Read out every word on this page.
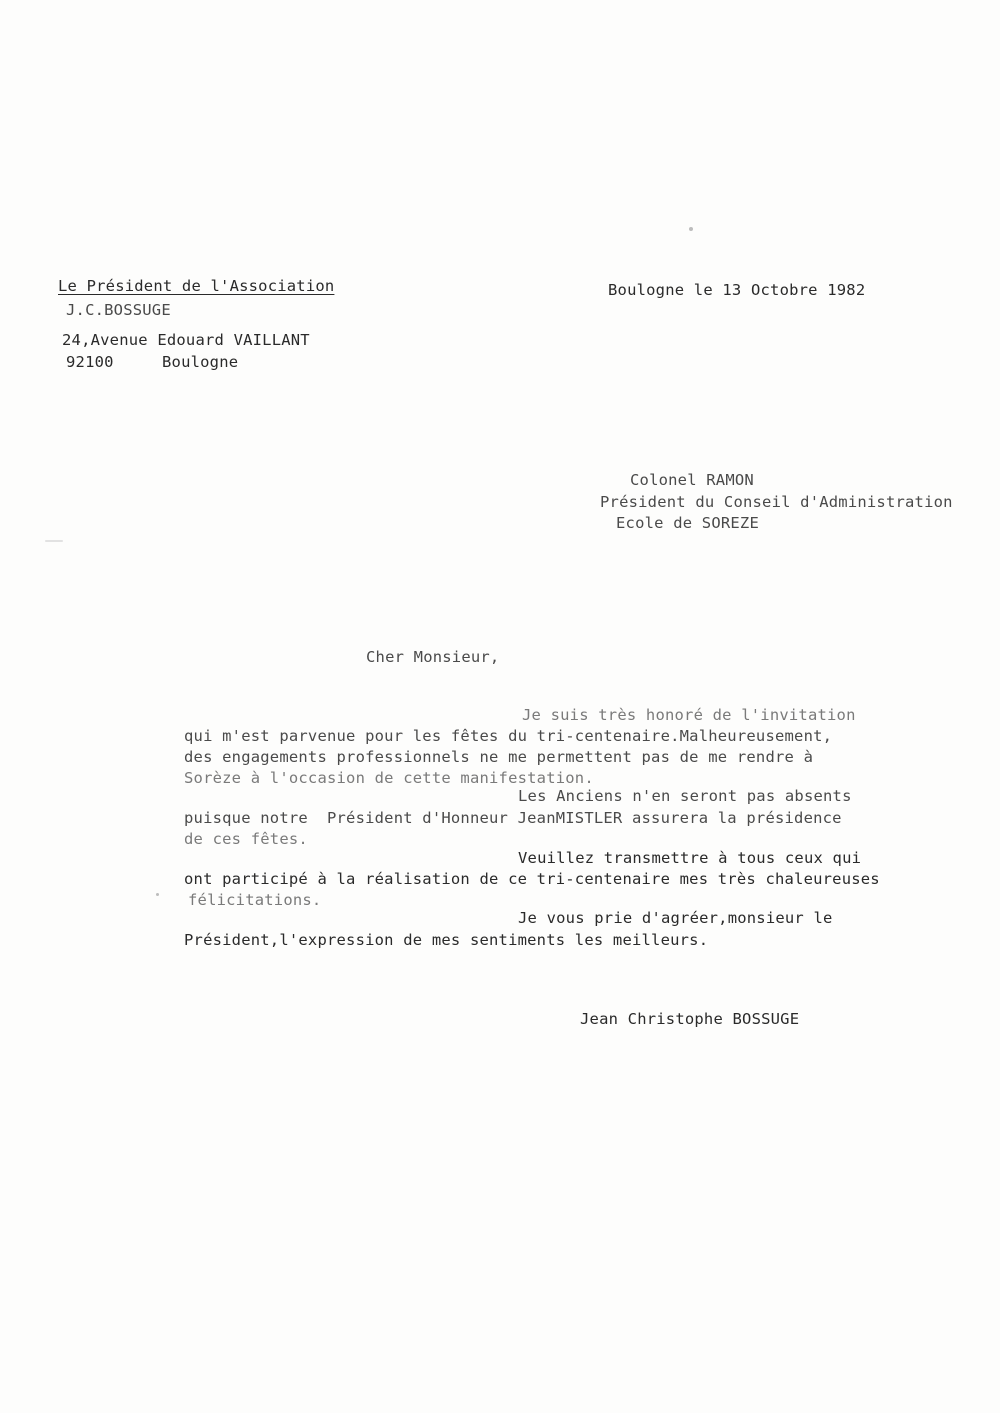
Le Président de l'Association
J.C.BOSSUGE
24,Avenue Edouard VAILLANT
92100	Boulogne
Boulogne le 13 Octobre 1982
Colonel RAMON
Président du Conseil d'Administration
Ecole de SOREZE
Cher Monsieur,
Je suis très honoré de l'invitation
qui m'est parvenue pour les fêtes du tri-centenaire.Malheureusement,
des engagements professionnels ne me permettent pas de me rendre à
Sorèze à l'occasion de cette manifestation.
Les Anciens n'en seront pas absents
puisque notre  Président d'Honneur JeanMISTLER assurera la présidence
de ces fêtes.
Veuillez transmettre à tous ceux qui
ont participé à la réalisation de ce tri-centenaire mes très chaleureuses
félicitations.
Je vous prie d'agréer,monsieur le
Président,l'expression de mes sentiments les meilleurs.
Jean Christophe BOSSUGE
